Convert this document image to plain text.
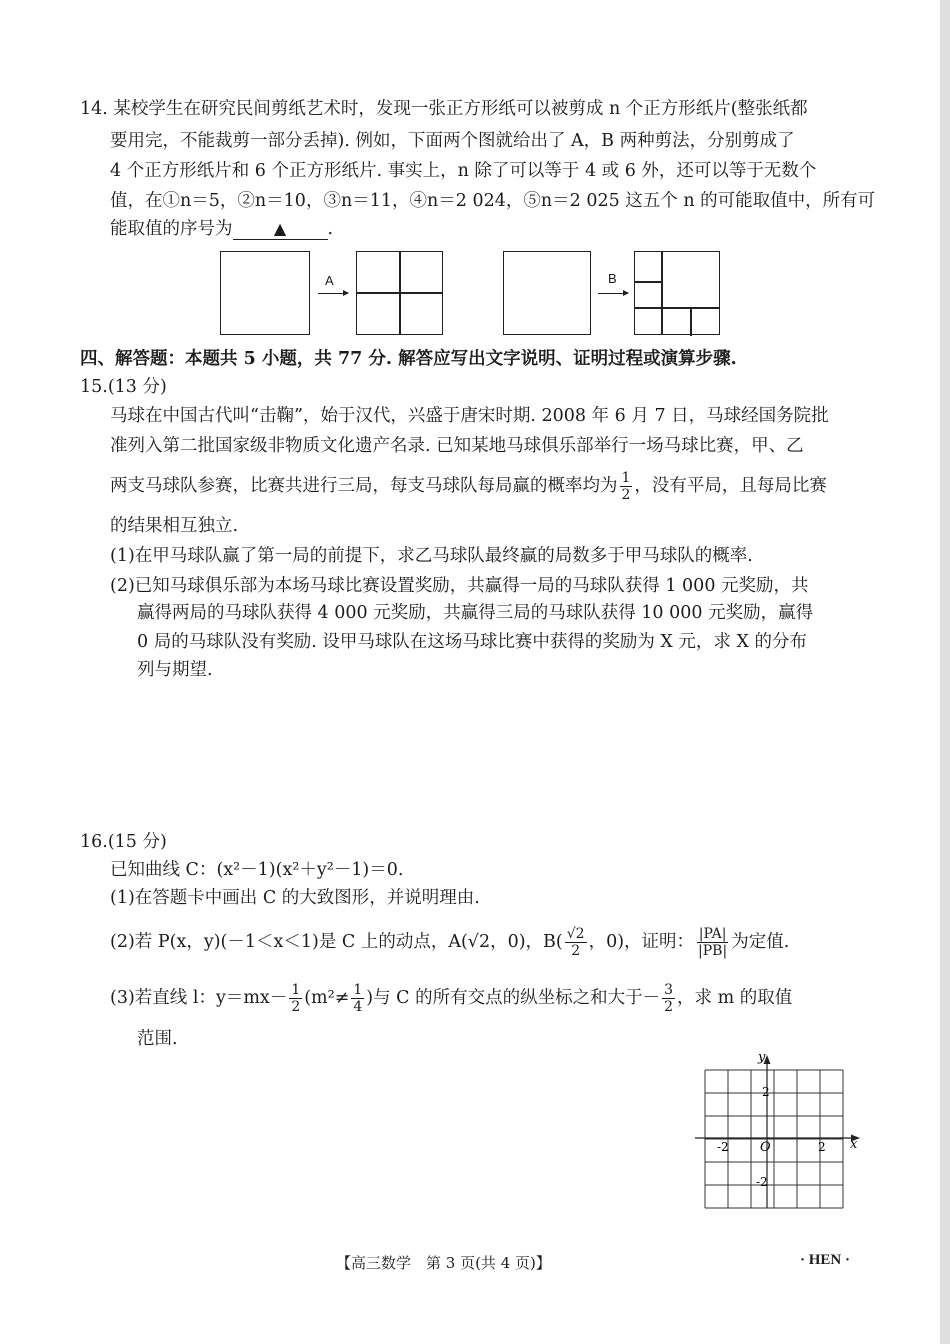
14. 某校学生在研究民间剪纸艺术时，发现一张正方形纸可以被剪成 n 个正方形纸片(整张纸都
要用完，不能裁剪一部分丢掉). 例如，下面两个图就给出了 A，B 两种剪法，分别剪成了
4 个正方形纸片和 6 个正方形纸片. 事实上，n 除了可以等于 4 或 6 外，还可以等于无数个
值，在①n＝5，②n＝10，③n＝11，④n＝2 024，⑤n＝2 025 这五个 n 的可能取值中，所有可
能取值的序号为	▲ .
A	B
四、解答题：本题共 5 小题，共 77 分. 解答应写出文字说明、证明过程或演算步骤.
15.(13 分)
马球在中国古代叫“击鞠”，始于汉代，兴盛于唐宋时期. 2008 年 6 月 7 日，马球经国务院批
准列入第二批国家级非物质文化遗产名录. 已知某地马球俱乐部举行一场马球比赛，甲、乙
两支马球队参赛，比赛共进行三局，每支马球队每局赢的概率均为 $\frac{1}{2}$ ，没有平局，且每局比赛
的结果相互独立.
(1)在甲马球队赢了第一局的前提下，求乙马球队最终赢的局数多于甲马球队的概率.
(2)已知马球俱乐部为本场马球比赛设置奖励，共赢得一局的马球队获得 1 000 元奖励，共
赢得两局的马球队获得 4 000 元奖励，共赢得三局的马球队获得 10 000 元奖励，赢得
0 局的马球队没有奖励. 设甲马球队在这场马球比赛中获得的奖励为 X 元，求 X 的分布
列与期望.
16.(15 分)
已知曲线 C：(x²－1)(x²＋y²－1)＝0.
(1)在答题卡中画出 C 的大致图形，并说明理由.
(2)若 P(x，y)(－1＜x＜1)是 C 上的动点，A(√2，0)，$B( \frac{√2}{2}$ ，0)，证明： $\frac{|PA|}{|PB|}$ 为定值.
(3)若直线 l：$y=mx- \frac{1}{2} (m^2\ne \frac{1}{4}$ )与 C 的所有交点的纵坐标之和大于－ $\frac{3}{2}$ ，求 m 的取值
范围.
y
x
O
2
-2
2
-2
【高三数学　第 3 页(共 4 页)】	· HEN ·
